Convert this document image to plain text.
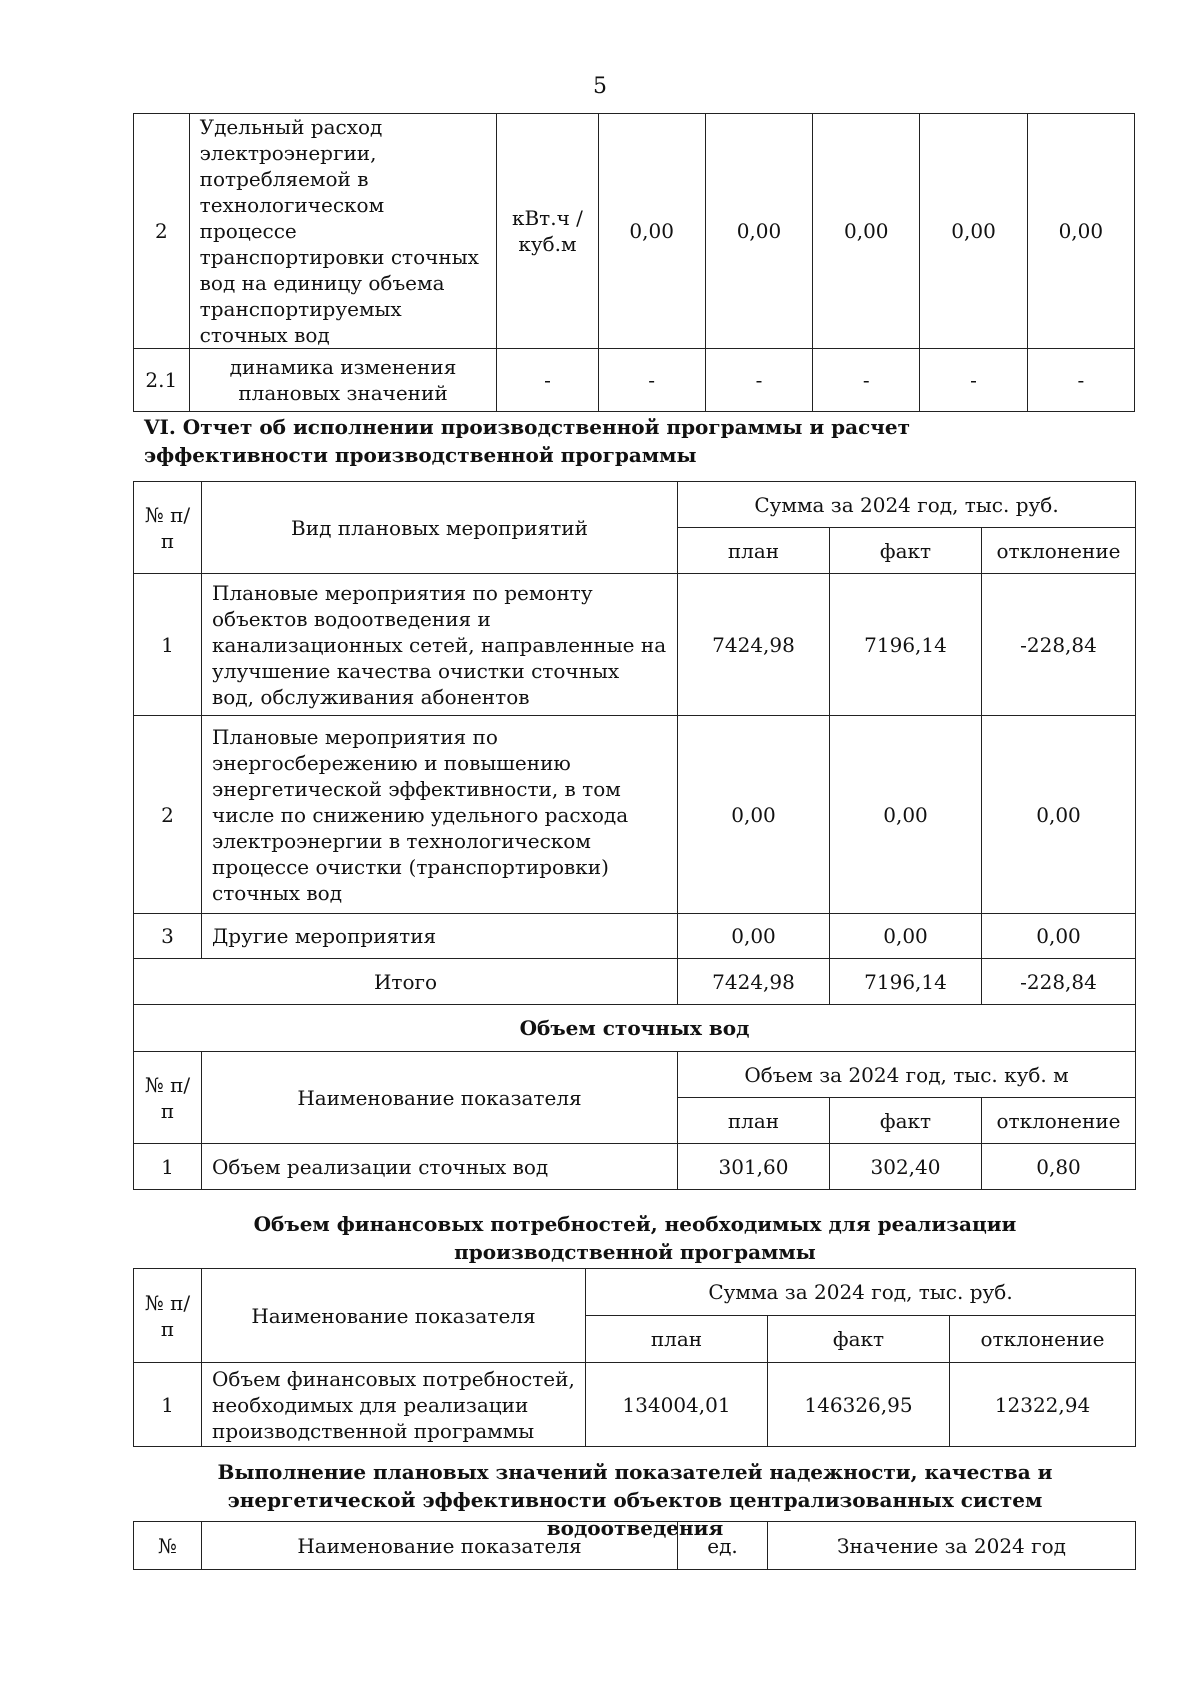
5
2	Удельный расход электроэнергии, потребляемой в технологическом процессе транспортировки сточных вод на единицу объема транспортируемых сточных вод	кВт.ч / куб.м	0,00	0,00	0,00	0,00	0,00
2.1	динамика изменения плановых значений	-	-	-	-	-	-
VI. Отчет об исполнении производственной программы и расчет эффективности производственной программы
№ п/п	Вид плановых мероприятий	Сумма за 2024 год, тыс. руб.		
		план	факт	отклонение
1	Плановые мероприятия по ремонту объектов водоотведения и канализационных сетей, направленные на улучшение качества очистки сточных вод, обслуживания абонентов	7424,98	7196,14	-228,84
2	Плановые мероприятия по энергосбережению и повышению энергетической эффективности, в том числе по снижению удельного расхода электроэнергии в технологическом процессе очистки (транспортировки) сточных вод	0,00	0,00	0,00
3	Другие мероприятия	0,00	0,00	0,00
Итого		7424,98	7196,14	-228,84
Объем сточных вод				
№ п/п	Наименование показателя	Объем за 2024 год, тыс. куб. м		
		план	факт	отклонение
1	Объем реализации сточных вод	301,60	302,40	0,80
Объем финансовых потребностей, необходимых для реализации производственной программы
№ п/п	Наименование показателя	Сумма за 2024 год, тыс. руб.		
		план	факт	отклонение
1	Объем финансовых потребностей, необходимых для реализации производственной программы	134004,01	146326,95	12322,94
Выполнение плановых значений показателей надежности, качества и энергетической эффективности объектов централизованных систем водоотведения
№	Наименование показателя	ед.	Значение за 2024 год
